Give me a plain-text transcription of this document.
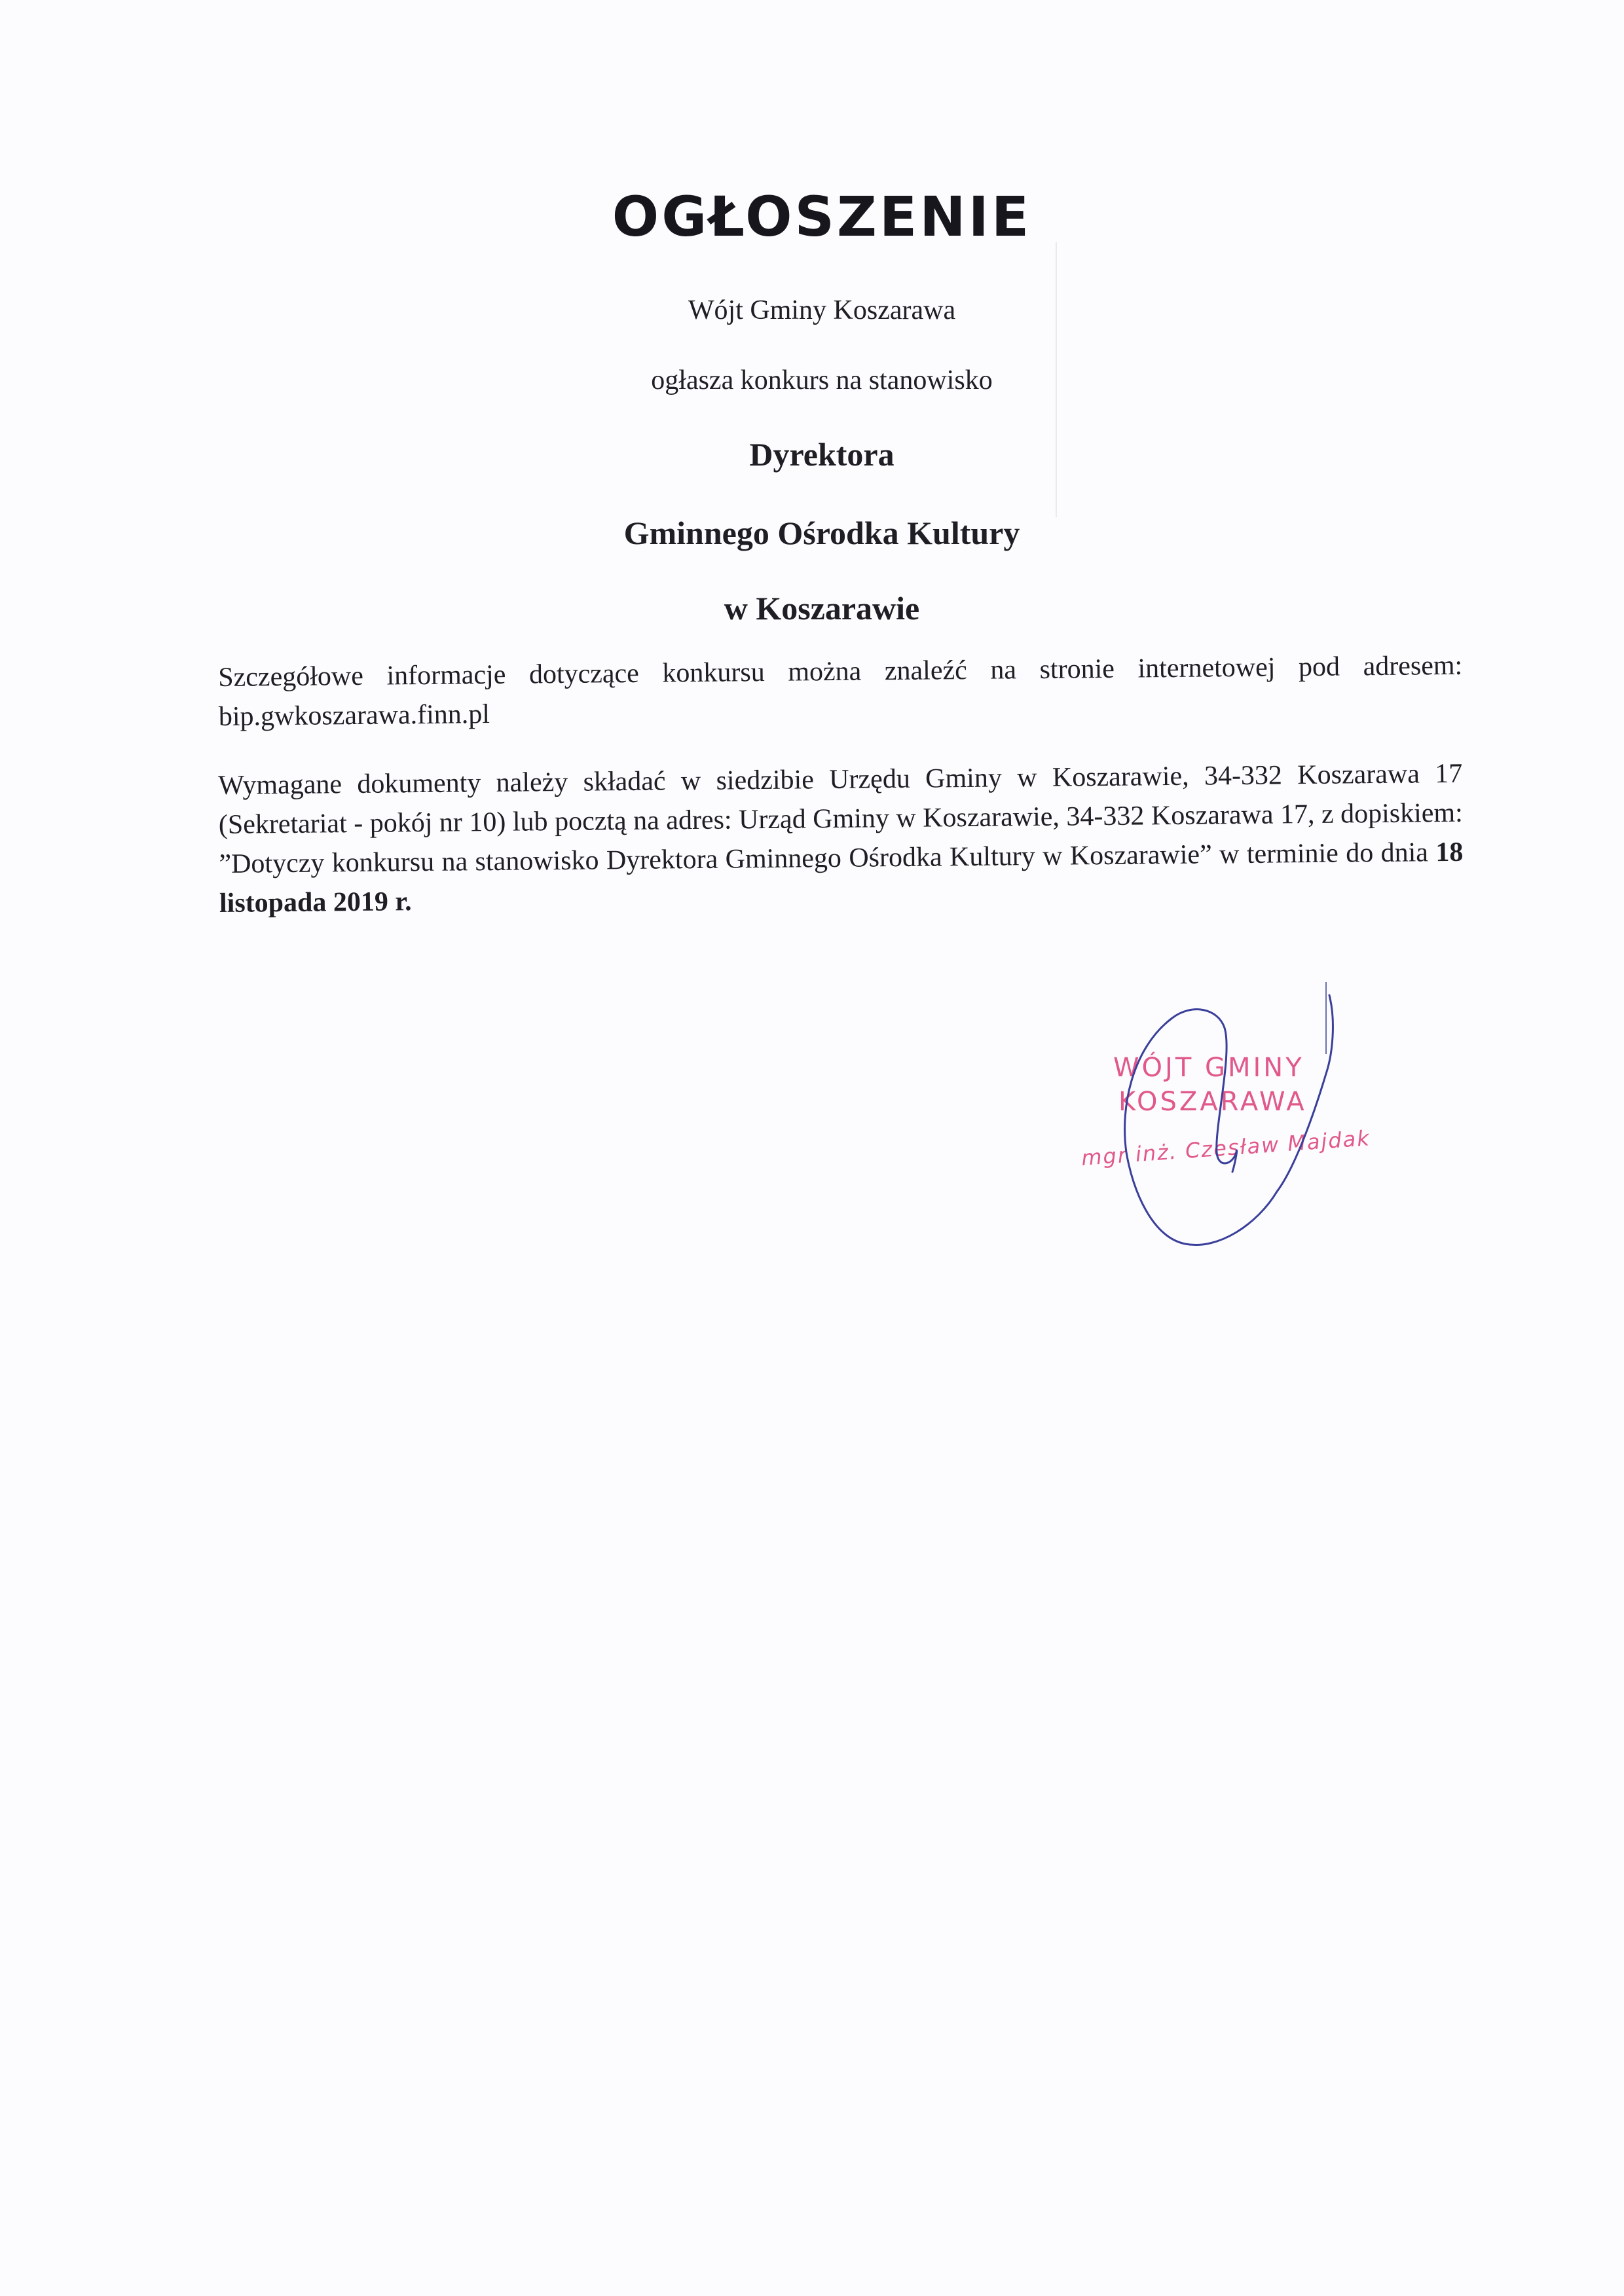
OGŁOSZENIE
Wójt Gminy Koszarawa
ogłasza konkurs na stanowisko
Dyrektora
Gminnego Ośrodka Kultury
w Koszarawie
Szczegółowe informacje dotyczące konkursu można znaleźć na stronie internetowej pod adresem: bip.gwkoszarawa.finn.pl
Wymagane dokumenty należy składać w siedzibie Urzędu Gminy w Koszarawie, 34-332 Koszarawa 17 (Sekretariat - pokój nr 10) lub pocztą na adres: Urząd Gminy w Koszarawie, 34-332 Koszarawa 17, z dopiskiem: ”Dotyczy konkursu na stanowisko Dyrektora Gminnego Ośrodka Kultury w Koszarawie” w terminie do dnia 18 listopada 2019 r.
WÓJT GMINY
KOSZARAWA
mgr inż. Czesław Majdak
